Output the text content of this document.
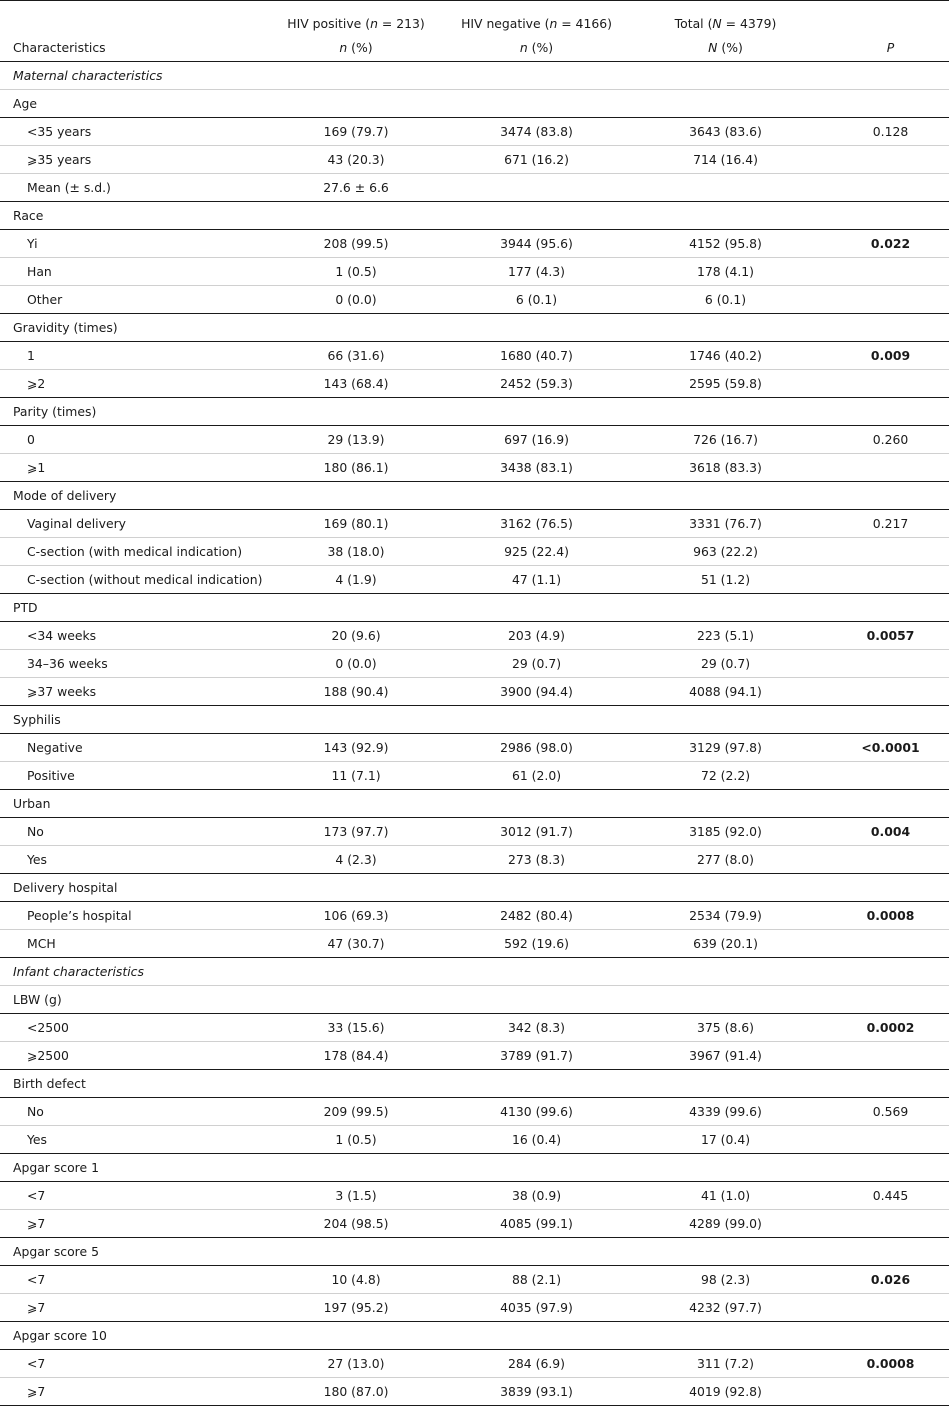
	HIV positive (n = 213)	HIV negative (n = 4166)	Total (N = 4379)	
Characteristics	n (%)	n (%)	N (%)	P
Maternal characteristics				
Age				
<35 years	169 (79.7)	3474 (83.8)	3643 (83.6)	0.128
⩾35 years	43 (20.3)	671 (16.2)	714 (16.4)	
Mean (± s.d.)	27.6 ± 6.6			
Race				
Yi	208 (99.5)	3944 (95.6)	4152 (95.8)	0.022
Han	1 (0.5)	177 (4.3)	178 (4.1)	
Other	0 (0.0)	6 (0.1)	6 (0.1)	
Gravidity (times)				
1	66 (31.6)	1680 (40.7)	1746 (40.2)	0.009
⩾2	143 (68.4)	2452 (59.3)	2595 (59.8)	
Parity (times)				
0	29 (13.9)	697 (16.9)	726 (16.7)	0.260
⩾1	180 (86.1)	3438 (83.1)	3618 (83.3)	
Mode of delivery				
Vaginal delivery	169 (80.1)	3162 (76.5)	3331 (76.7)	0.217
C-section (with medical indication)	38 (18.0)	925 (22.4)	963 (22.2)	
C-section (without medical indication)	4 (1.9)	47 (1.1)	51 (1.2)	
PTD				
<34 weeks	20 (9.6)	203 (4.9)	223 (5.1)	0.0057
34–36 weeks	0 (0.0)	29 (0.7)	29 (0.7)	
⩾37 weeks	188 (90.4)	3900 (94.4)	4088 (94.1)	
Syphilis				
Negative	143 (92.9)	2986 (98.0)	3129 (97.8)	<0.0001
Positive	11 (7.1)	61 (2.0)	72 (2.2)	
Urban				
No	173 (97.7)	3012 (91.7)	3185 (92.0)	0.004
Yes	4 (2.3)	273 (8.3)	277 (8.0)	
Delivery hospital				
People’s hospital	106 (69.3)	2482 (80.4)	2534 (79.9)	0.0008
MCH	47 (30.7)	592 (19.6)	639 (20.1)	
Infant characteristics				
LBW (g)				
<2500	33 (15.6)	342 (8.3)	375 (8.6)	0.0002
⩾2500	178 (84.4)	3789 (91.7)	3967 (91.4)	
Birth defect				
No	209 (99.5)	4130 (99.6)	4339 (99.6)	0.569
Yes	1 (0.5)	16 (0.4)	17 (0.4)	
Apgar score 1				
<7	3 (1.5)	38 (0.9)	41 (1.0)	0.445
⩾7	204 (98.5)	4085 (99.1)	4289 (99.0)	
Apgar score 5				
<7	10 (4.8)	88 (2.1)	98 (2.3)	0.026
⩾7	197 (95.2)	4035 (97.9)	4232 (97.7)	
Apgar score 10				
<7	27 (13.0)	284 (6.9)	311 (7.2)	0.0008
⩾7	180 (87.0)	3839 (93.1)	4019 (92.8)	
